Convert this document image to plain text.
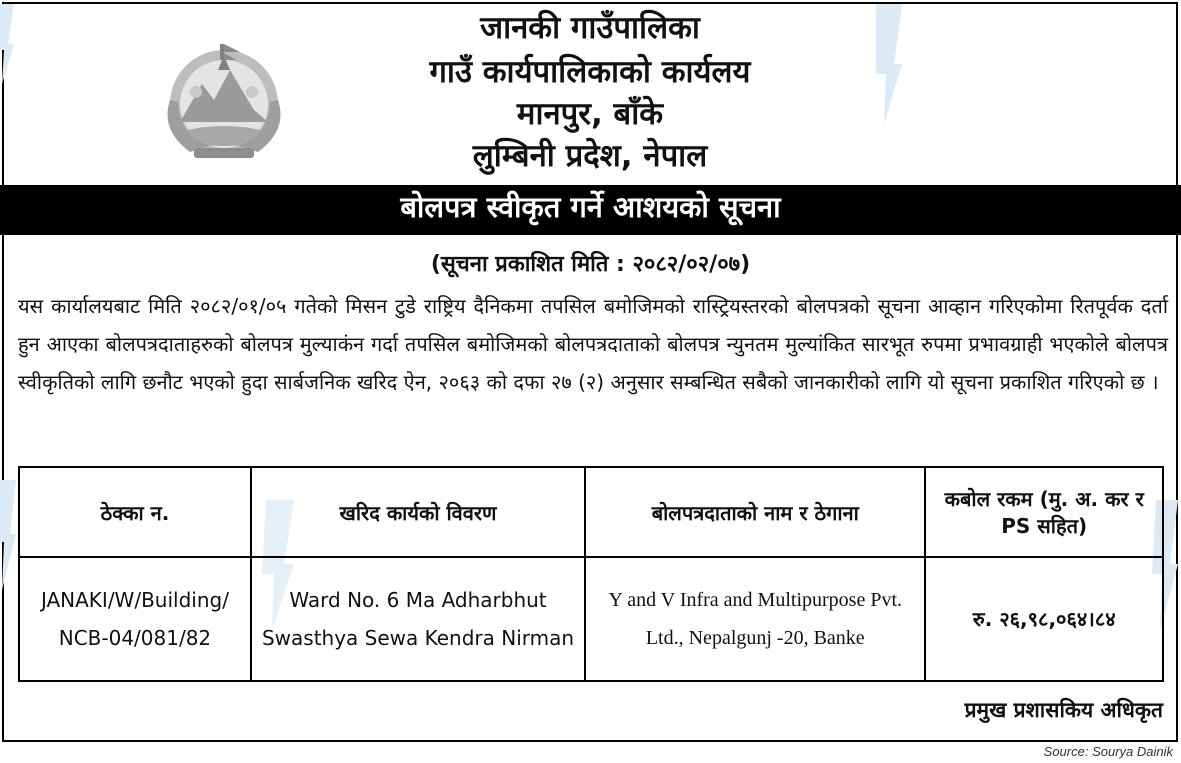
जानकी गाउँपालिका
गाउँ कार्यपालिकाको कार्यलय
मानपुर, बाँके
लुम्बिनी प्रदेश, नेपाल
बोलपत्र स्वीकृत गर्ने आशयको सूचना
(सूचना प्रकाशित मिति : २०८२/०२/०७)
यस कार्यालयबाट मिति २०८२/०१/०५ गतेको मिसन टुडे राष्ट्रिय दैनिकमा तपसिल बमोजिमको रास्ट्रियस्तरको बोलपत्रको सूचना आव्हान गरिएकोमा रितपूर्वक दर्ता हुन आएका बोलपत्रदाताहरुको बोलपत्र मुल्याकंन गर्दा तपसिल बमोजिमको बोलपत्रदाताको बोलपत्र न्युनतम मुल्यांकित सारभूत रुपमा प्रभावग्राही भएकोले बोलपत्र स्वीकृतिको लागि छनौट भएको हुदा सार्बजनिक खरिद ऐन, २०६३ को दफा २७ (२) अनुसार सम्बन्धित सबैको जानकारीको लागि यो सूचना प्रकाशित गरिएको छ ।
ठेक्का न.	खरिद कार्यको विवरण	बोलपत्रदाताको नाम र ठेगाना	कबोल रकम (मु. अ. कर र PS सहित)
JANAKI/W/Building/ NCB-04/081/82	Ward No. 6 Ma Adharbhut Swasthya Sewa Kendra Nirman	Y and V Infra and Multipurpose Pvt. Ltd., Nepalgunj -20, Banke	रु. २६,९८,०६४।८४
प्रमुख प्रशासकिय अधिकृत
Source: Sourya Dainik
